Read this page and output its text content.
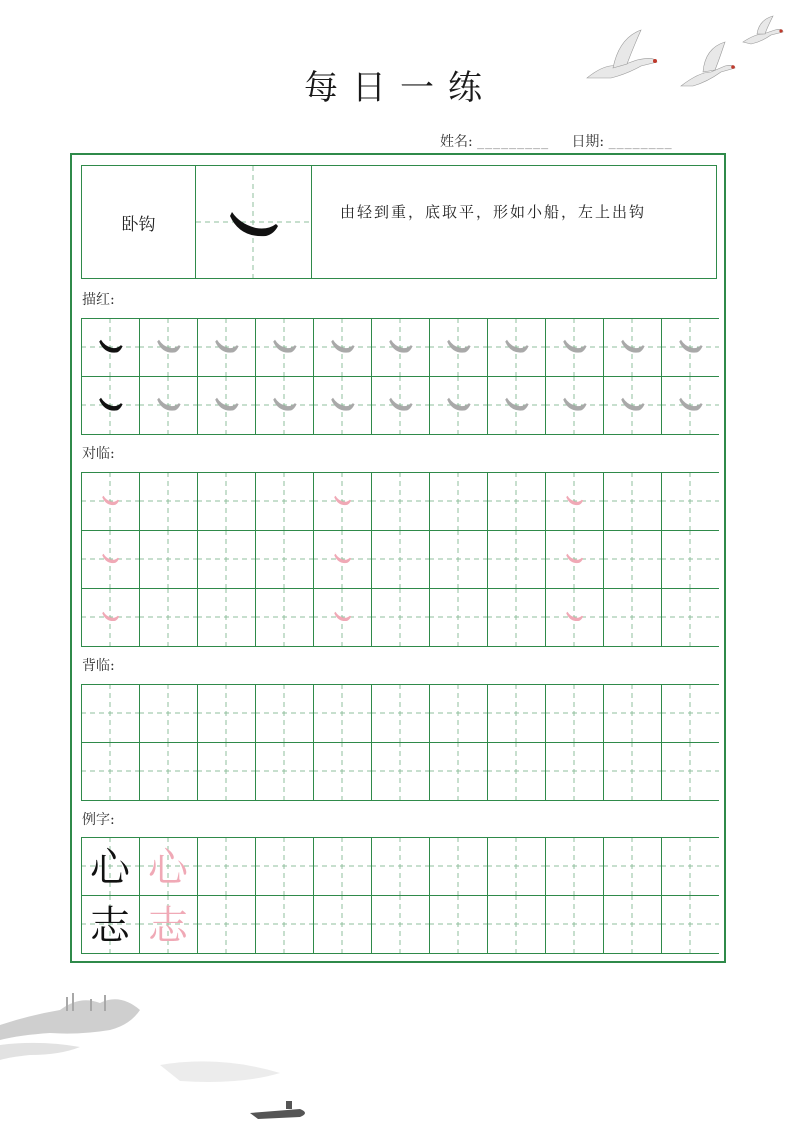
每日一练
姓名: _________ 日期: ________
卧钩
由轻到重，底取平，形如小船，左上出钩
描红:
对临:
背临:
例字:
心 心
志 志
